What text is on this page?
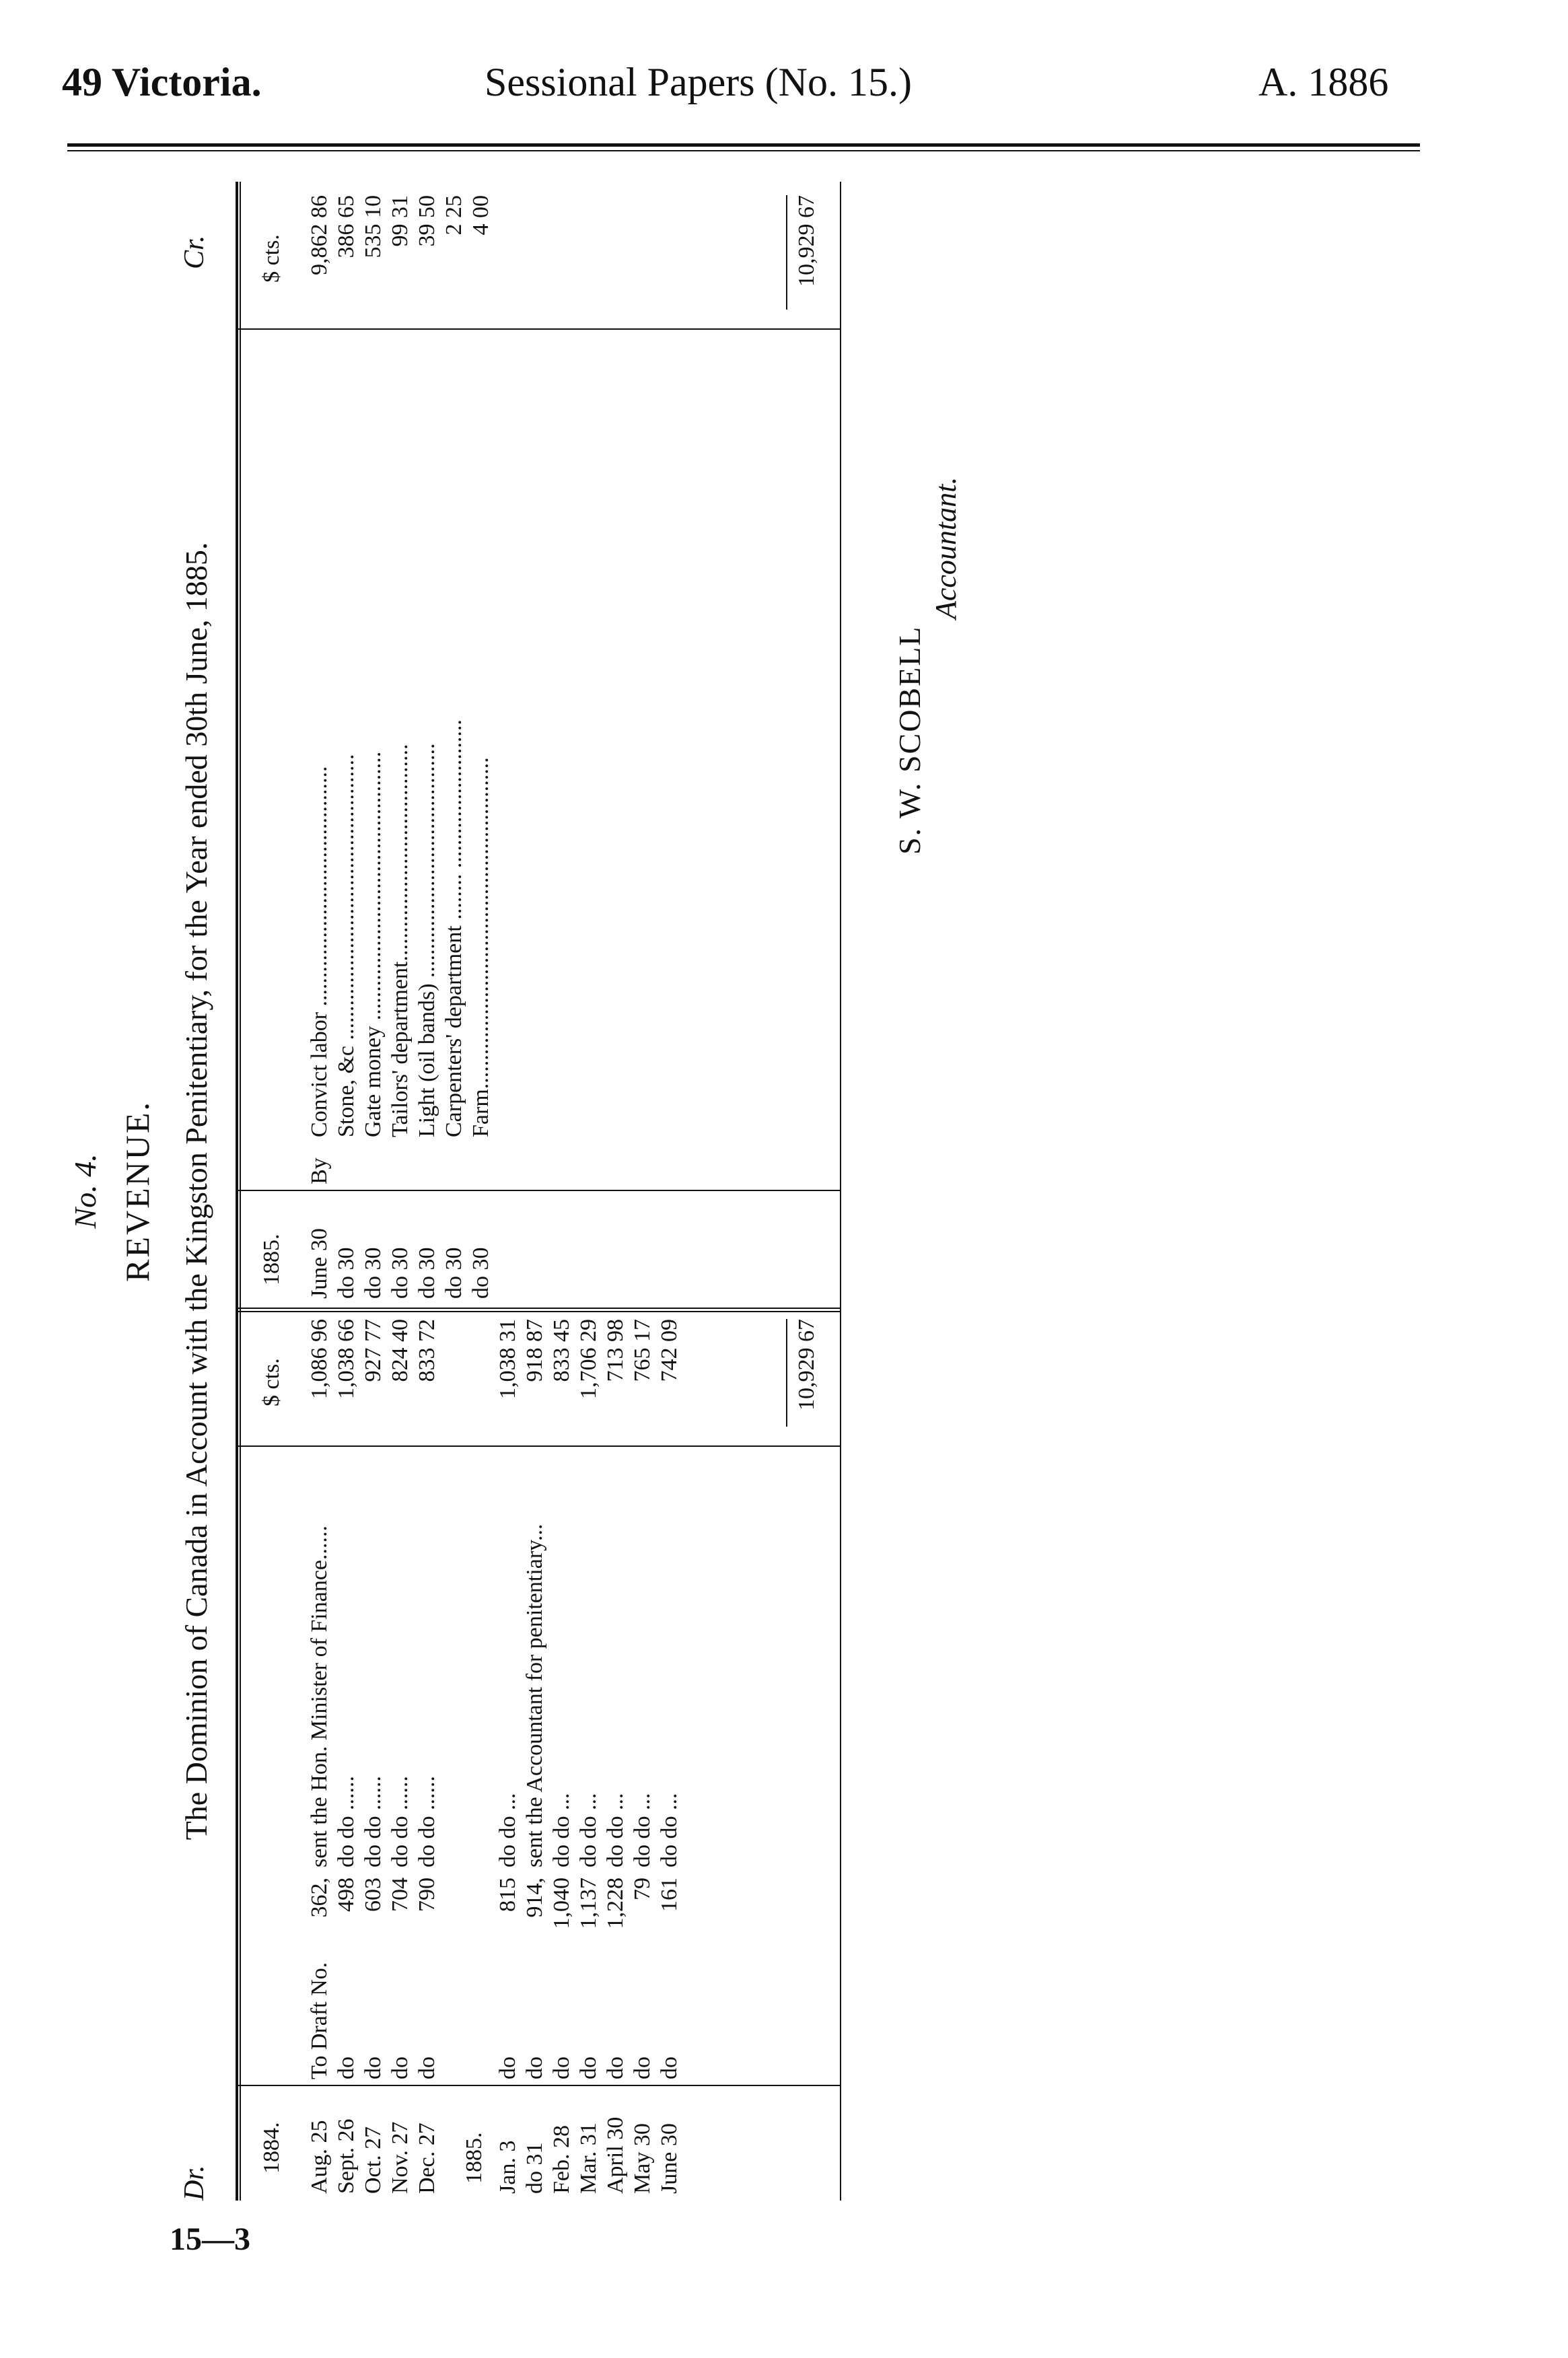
49 Victoria.	Sessional Papers (No. 15.)	A. 1886
No. 4. REVENUE.
Dr.
The Dominion of Canada in Account with the Kingston Penitentiary, for the Year ended 30th June, 1885.
Cr.
1884.
$ cts.
Aug. 25
To Draft No.
362,
sent the Hon. Minister of Finance......
1,086 96
Sept. 26
do
498
do do ......
1,038 66
Oct. 27
do
603
do do ......
927 77
Nov. 27
do
704
do do ......
824 40
Dec. 27
do
790
do do ......
833 72
Jan. 3
do
815
do do ...
1,038 31
do 31
do
914,
sent the Accountant for penitentiary...
918 87
Feb. 28
do
1,040
do do ...
833 45
Mar. 31
do
1,137
do do ...
1,706 29
April 30
do
1,228
do do ...
713 98
May 30
do
79
do do ...
765 17
June 30
do
161
do do ...
742 09
1885.
1885.
$ cts.
June 30
By
Convict labor ..........................................
9,862 86
do 30
Stone, &c ..................................................
386 65
do 30
Gate money ...............................................
535 10
do 30
Tailors' department......................................
99 31
do 30
Light (oil bands) .........................................
39 50
do 30
Carpenters' department ........ ..........................
2 25
do 30
Farm..........................................................
4 00
10,929 67
10,929 67
S. W. SCOBELL
Accountant.
15—3
